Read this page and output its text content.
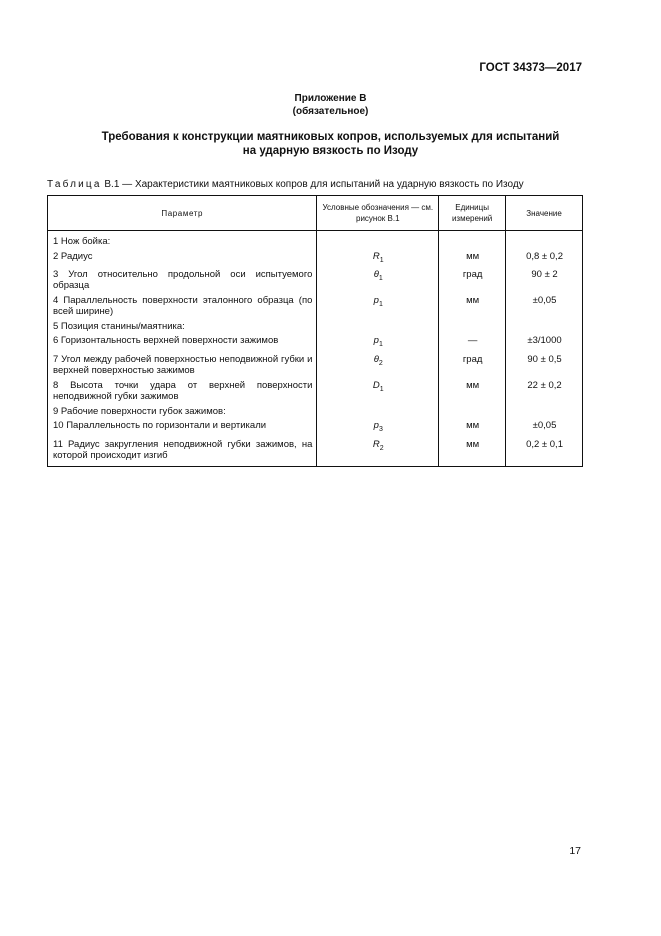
ГОСТ 34373—2017
Приложение В
(обязательное)
Требования к конструкции маятниковых копров, используемых для испытаний
на ударную вязкость по Изоду
Таблица В.1 — Характеристики маятниковых копров для испытаний на ударную вязкость по Изоду
Параметр	Условные обозначения — см. рисунок В.1	Единицы измерений	Значение
1 Нож бойка:			
2 Радиус	$R_1$	мм	0,8 ± 0,2
3 Угол относительно продольной оси испытуемого образца	$\theta_1$	град	90 ± 2
4 Параллельность поверхности эталонного образца (по всей ширине)	$p_1$	мм	±0,05
5 Позиция станины/маятника:			
6 Горизонтальность верхней поверхности зажимов	$p_1$	—	±3/1000
7 Угол между рабочей поверхностью неподвижной губки и верхней поверхностью зажимов	$\theta_2$	град	90 ± 0,5
8 Высота точки удара от верхней поверхности неподвижной губки зажимов	$D_1$	мм	22 ± 0,2
9 Рабочие поверхности губок зажимов:			
10 Параллельность по горизонтали и вертикали	$p_3$	мм	±0,05
11 Радиус закругления неподвижной губки зажимов, на которой происходит изгиб	$R_2$	мм	0,2 ± 0,1
17
